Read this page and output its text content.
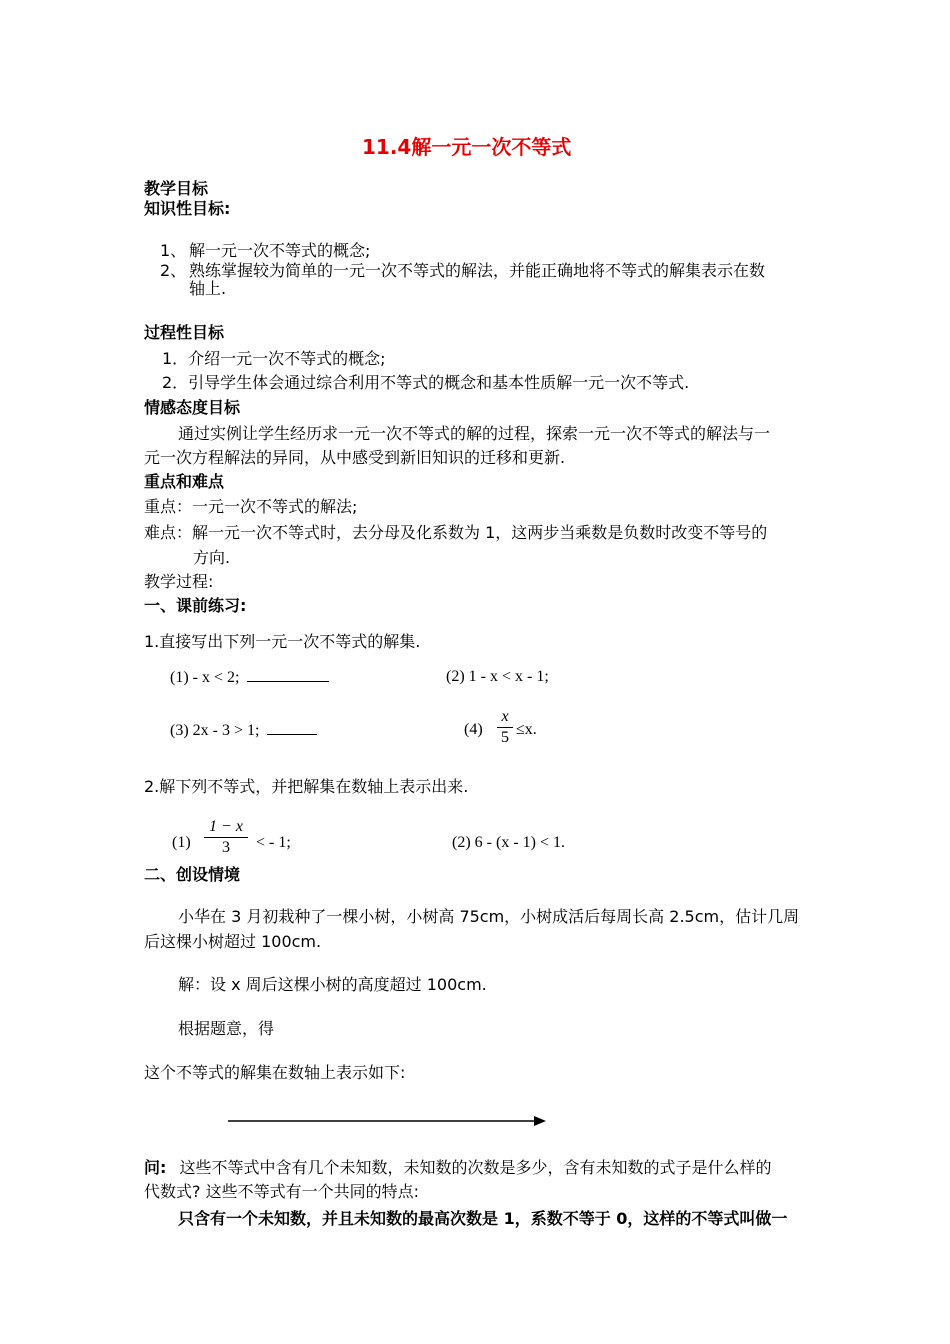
11.4解一元一次不等式
教学目标
知识性目标:
1、 解一元一次不等式的概念;
2、 熟练掌握较为简单的一元一次不等式的解法，并能正确地将不等式的解集表示在数
轴上.
过程性目标
1．介绍一元一次不等式的概念;
2．引导学生体会通过综合利用不等式的概念和基本性质解一元一次不等式.
情感态度目标
通过实例让学生经历求一元一次不等式的解的过程，探索一元一次不等式的解法与一
元一次方程解法的异同，从中感受到新旧知识的迁移和更新.
重点和难点
重点：一元一次不等式的解法;
难点：解一元一次不等式时，去分母及化系数为 1，这两步当乘数是负数时改变不等号的
方向.
教学过程:
一、课前练习:
1.直接写出下列一元一次不等式的解集.
(1) - x < 2;	(2) 1 - x < x - 1;
(3) 2x - 3 > 1;	(4)
x
5 ≤x.
2.解下列不等式，并把解集在数轴上表示出来.
(1)
1 − x
3	< - 1;	(2) 6 - (x - 1) < 1.
二、创设情境
小华在 3 月初栽种了一棵小树，小树高 75cm，小树成活后每周长高 2.5cm，估计几周
后这棵小树超过 100cm.
解：设 x 周后这棵小树的高度超过 100cm.
根据题意，得
这个不等式的解集在数轴上表示如下:
问: 这些不等式中含有几个未知数，未知数的次数是多少，含有未知数的式子是什么样的
代数式? 这些不等式有一个共同的特点:
只含有一个未知数，并且未知数的最高次数是 1，系数不等于 0，这样的不等式叫做一
